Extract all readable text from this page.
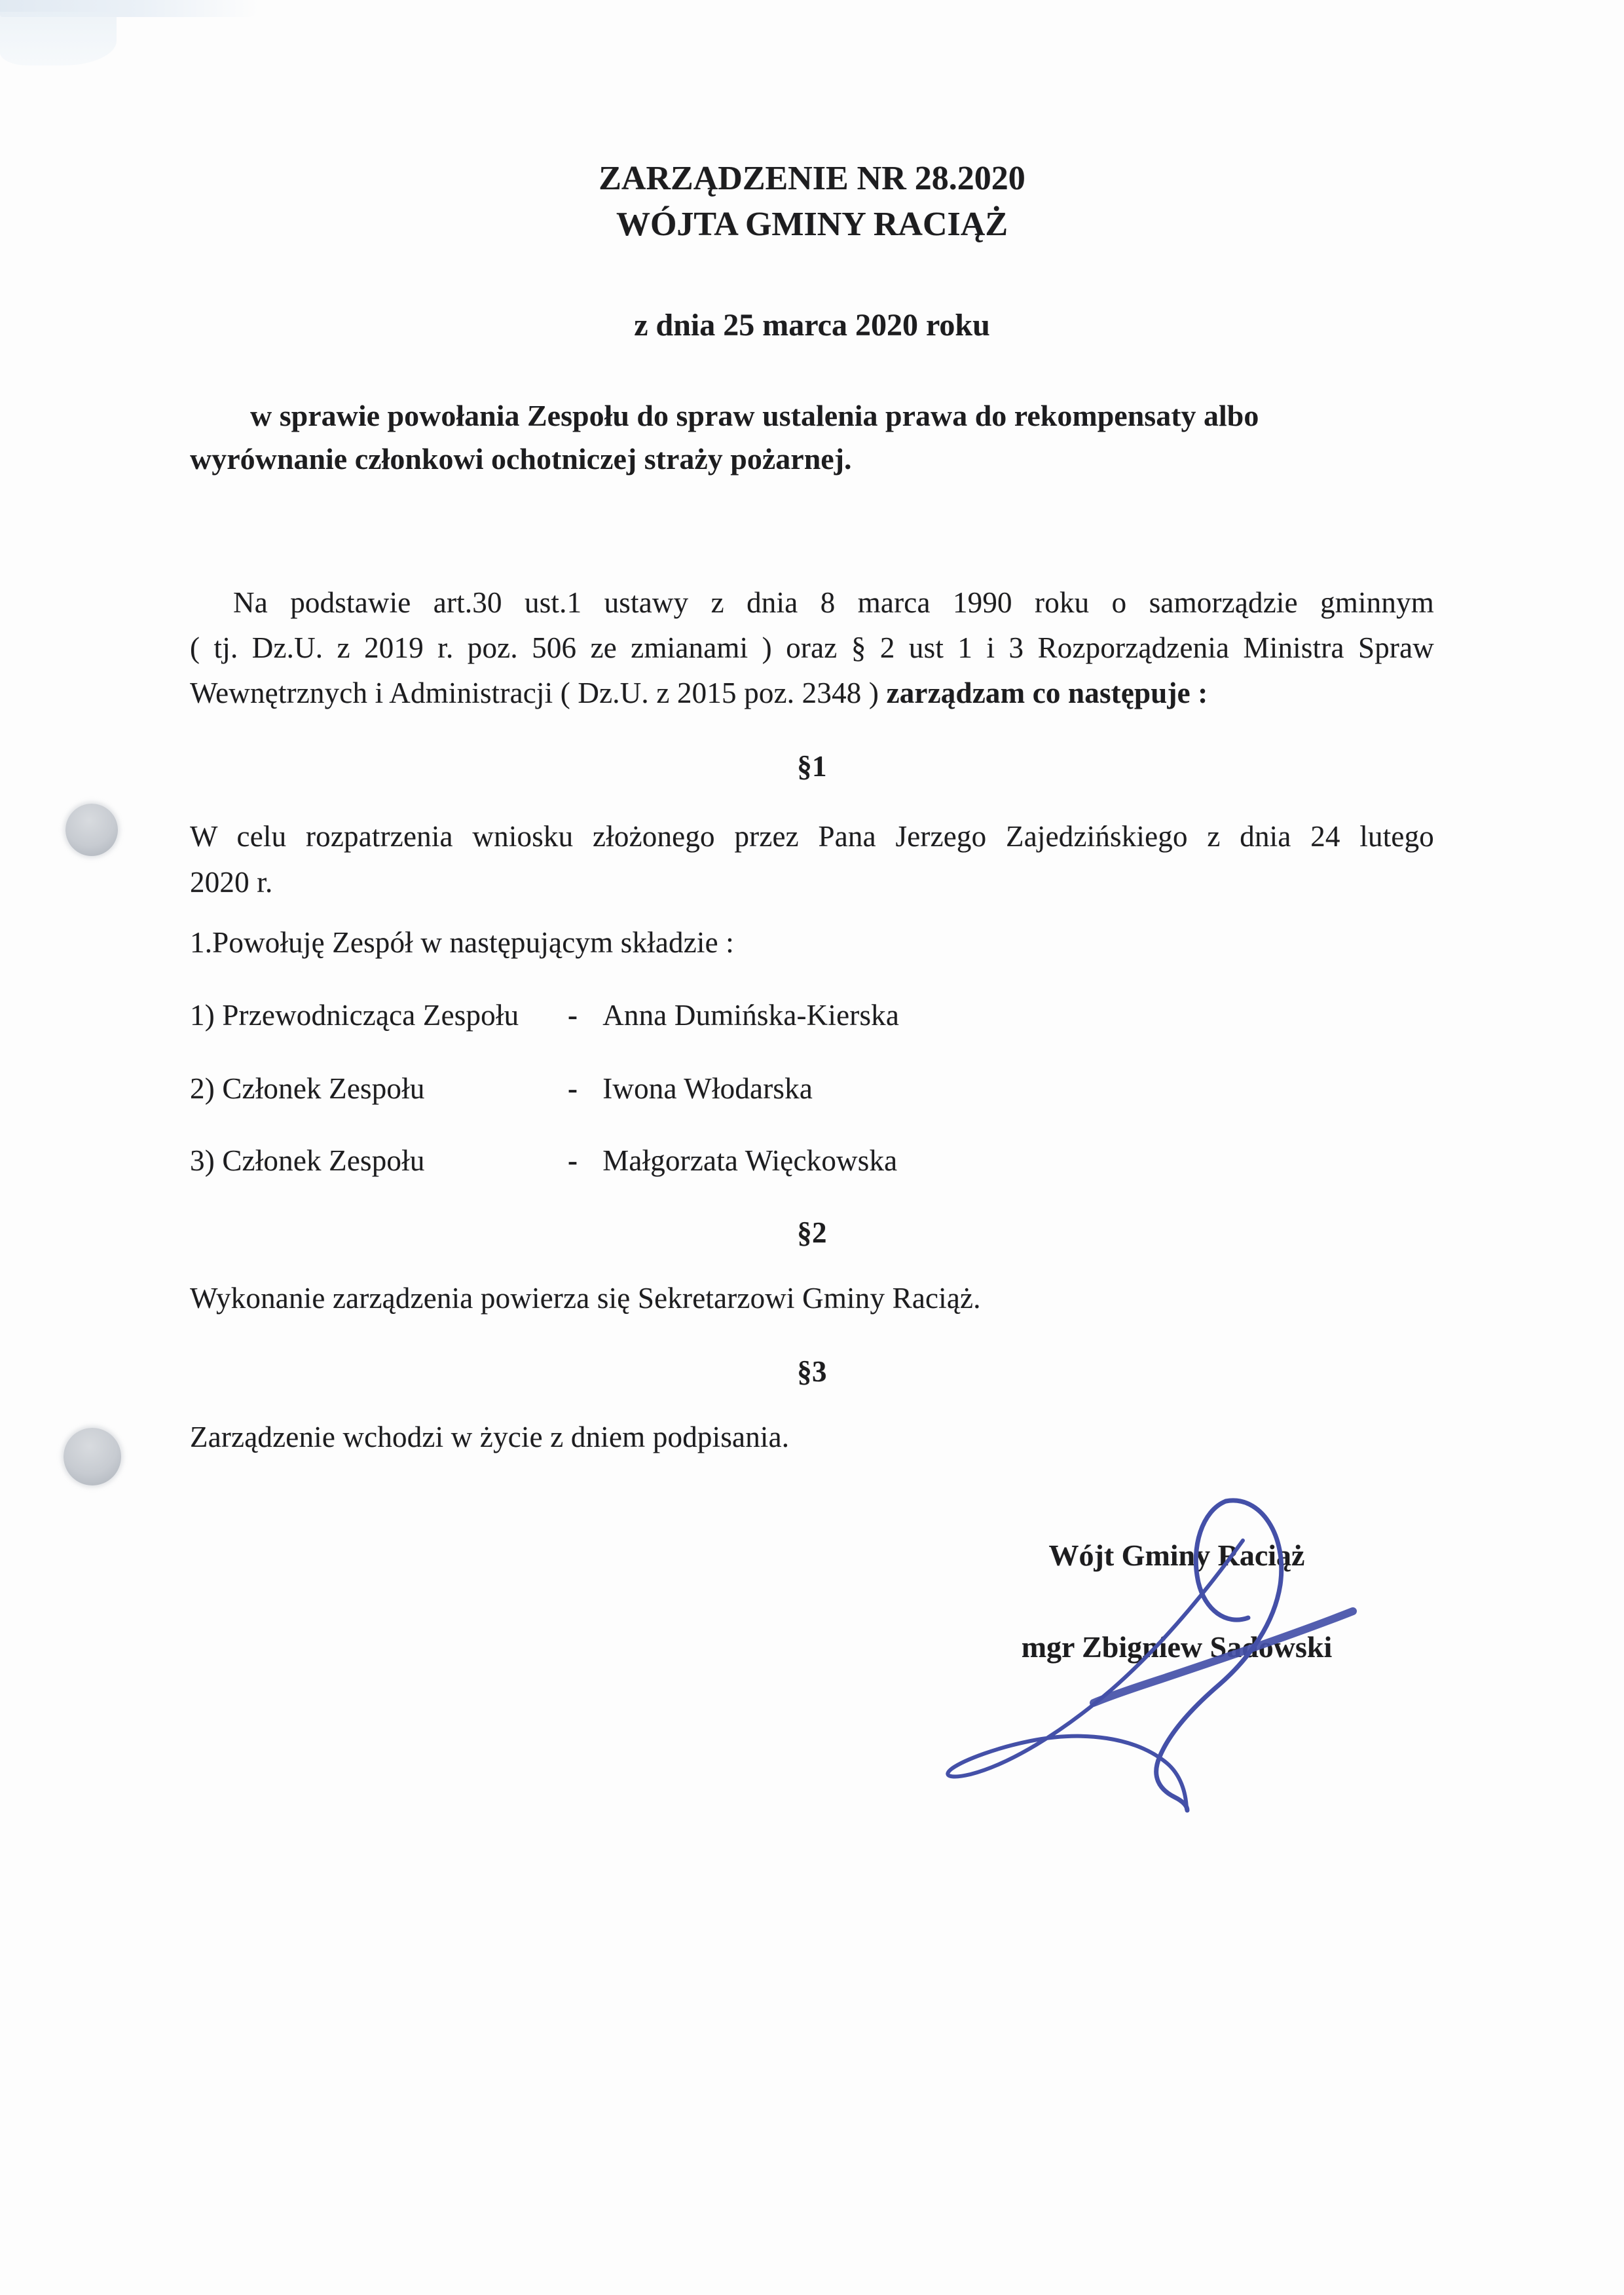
ZARZĄDZENIE NR 28.2020
WÓJTA GMINY RACIĄŻ
z dnia 25 marca 2020 roku
w sprawie powołania Zespołu do spraw ustalenia prawa do rekompensaty albo
wyrównanie członkowi ochotniczej straży pożarnej.
Na podstawie art.30 ust.1 ustawy z dnia 8 marca 1990 roku o samorządzie gminnym
( tj. Dz.U. z 2019 r. poz. 506 ze zmianami ) oraz § 2 ust 1 i 3 Rozporządzenia Ministra Spraw
Wewnętrznych i Administracji ( Dz.U. z 2015 poz. 2348 ) zarządzam co następuje :
§1
W celu rozpatrzenia wniosku złożonego przez Pana Jerzego Zajedzińskiego z dnia 24 lutego
2020 r.
1.Powołuję Zespół w następującym składzie :
1) Przewodnicząca Zespołu	- Anna Dumińska-Kierska
2) Członek Zespołu	- Iwona Włodarska
3) Członek Zespołu	- Małgorzata Więckowska
§2
Wykonanie zarządzenia powierza się Sekretarzowi Gminy Raciąż.
§3
Zarządzenie wchodzi w życie z dniem podpisania.
Wójt Gminy Raciąż
mgr Zbigniew Sadowski
